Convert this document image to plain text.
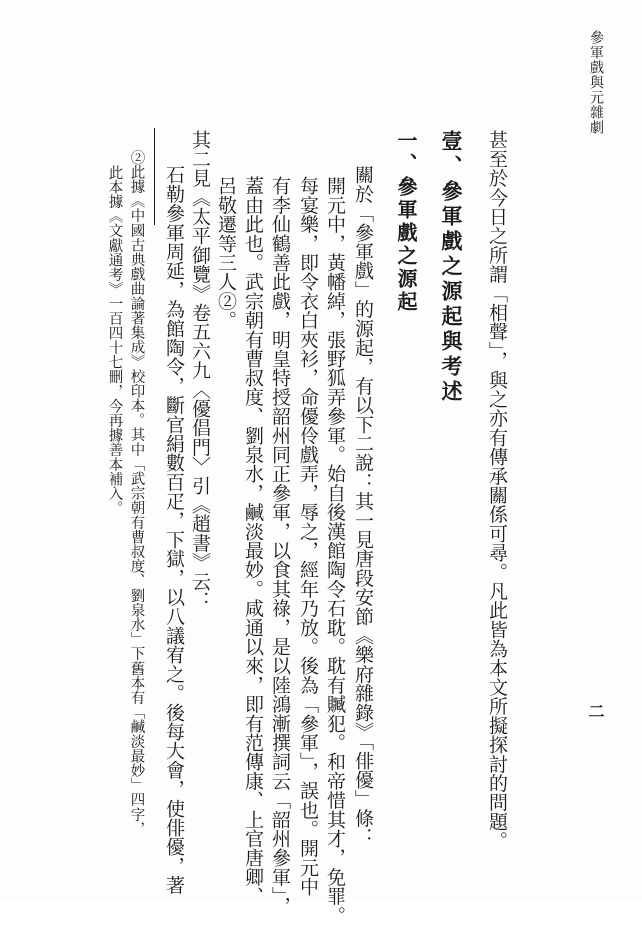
參軍戲與元雜劇
二
甚至於今日之所謂「相聲」，與之亦有傳承關係可尋。凡此皆為本文所擬探討的問題。
壹、參軍戲之源起與考述
一、參軍戲之源起
關於「參軍戲」的源起，有以下二說：其一見唐段安節《樂府雜錄》「俳優」條：
開元中，黃幡綽，張野狐弄參軍。始自後漢館陶令石耽。耽有贓犯。和帝惜其才，免罪。
每宴樂，即令衣白夾衫，命優伶戲弄，辱之，經年乃放。後為「參軍」，誤也。開元中
有李仙鶴善此戲，明皇特授韶州同正參軍，以食其祿，是以陸鴻漸撰詞云「韶州參軍」，
蓋由此也。武宗朝有曹叔度、劉泉水，鹹淡最妙。咸通以來，即有范傳康、上官唐卿、
呂敬遷等三人②。
其二見《太平御覽》卷五六九〈優倡門〉引《趙書》云：
石勒參軍周延，為館陶令，斷官絹數百疋，下獄，以八議宥之。後每大會，使俳優，著
②此據《中國古典戲曲論著集成》校印本。其中「武宗朝有曹叔度、劉泉水」下舊本有「鹹淡最妙」四字，
此本據《文獻通考》一百四十七刪，今再據善本補入。
